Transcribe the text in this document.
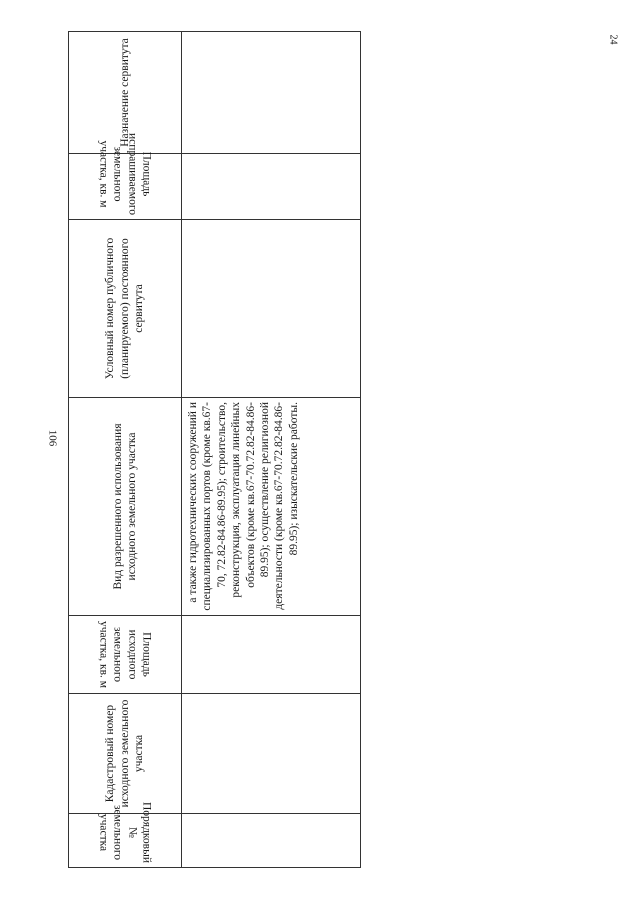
Порядковый № земельного участка	Кадастровый номер исходного земельного участка	Площадь исходного земельного участка, кв. м	Вид разрешенного использования исходного земельного участка	Условный номер публичного (планируемого) постоянного сервитута	Площадь испрашиваемого земельного участка, кв. м	Назначение сервитута
			а также гидротехнических сооружений и специализированных портов (кроме кв.67-70, 72.82-84.86-89.95); строительство, реконструкция, эксплуатация линейных объектов (кроме кв.67-70.72.82-84.86-89.95); осуществление религиозной деятельности (кроме кв.67-70.72.82-84.86-89.95); изыскательские работы.			
106
24
